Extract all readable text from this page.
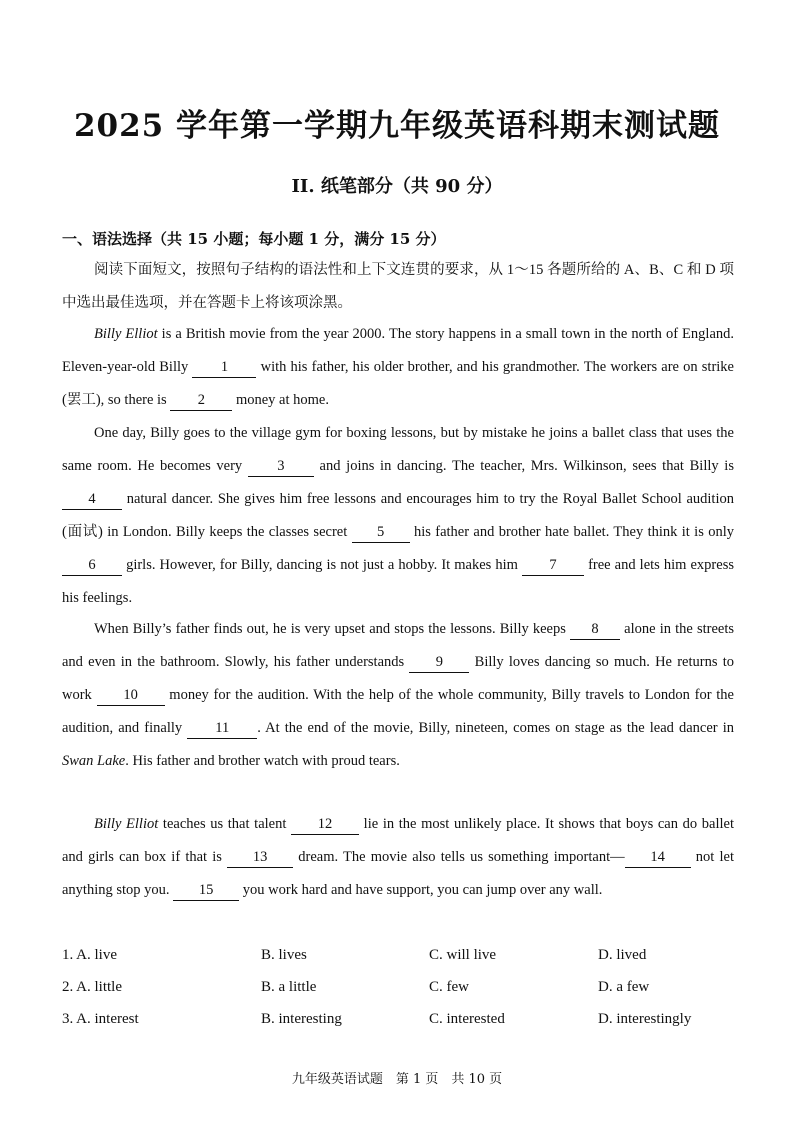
2025 学年第一学期九年级英语科期末测试题
II. 纸笔部分（共 90 分）
一、语法选择（共 15 小题；每小题 1 分，满分 15 分）
阅读下面短文，按照句子结构的语法性和上下文连贯的要求，从 1～15 各题所给的 A、B、C 和 D 项中选出最佳选项，并在答题卡上将该项涂黑。
Billy Elliot is a British movie from the year 2000. The story happens in a small town in the north of England. Eleven-year-old Billy 1 with his father, his older brother, and his grandmother. The workers are on strike (罢工), so there is 2 money at home.
One day, Billy goes to the village gym for boxing lessons, but by mistake he joins a ballet class that uses the same room. He becomes very 3 and joins in dancing. The teacher, Mrs. Wilkinson, sees that Billy is 4 natural dancer. She gives him free lessons and encourages him to try the Royal Ballet School audition (面试) in London. Billy keeps the classes secret 5 his father and brother hate ballet. They think it is only 6 girls. However, for Billy, dancing is not just a hobby. It makes him 7 free and lets him express his feelings.
When Billy’s father finds out, he is very upset and stops the lessons. Billy keeps 8 alone in the streets and even in the bathroom. Slowly, his father understands 9 Billy loves dancing so much. He returns to work 10 money for the audition. With the help of the whole community, Billy travels to London for the audition, and finally 11 . At the end of the movie, Billy, nineteen, comes on stage as the lead dancer in Swan Lake. His father and brother watch with proud tears.
Billy Elliot teaches us that talent 12 lie in the most unlikely place. It shows that boys can do ballet and girls can box if that is 13 dream. The movie also tells us something important— 14 not let anything stop you. 15 you work hard and have support, you can jump over any wall.
1. A. live	B. lives	C. will live	D. lived
2. A. little	B. a little	C. few	D. a few
3. A. interest	B. interesting	C. interested	D. interestingly
九年级英语试题　第 1 页　共 10 页
